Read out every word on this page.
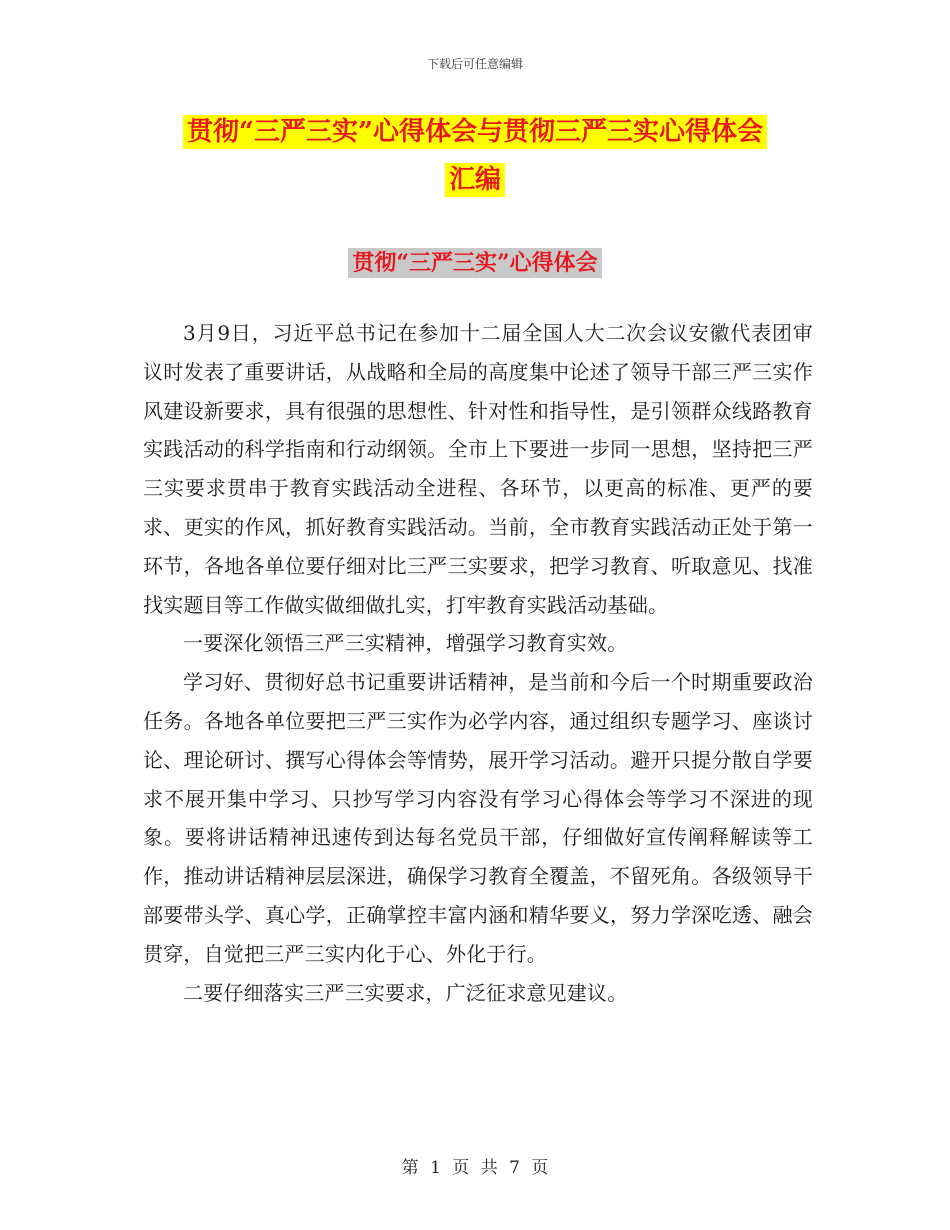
下载后可任意编辑
贯彻“三严三实”心得体会与贯彻三严三实心得体会
汇编
贯彻“三严三实”心得体会

3月9日，习近平总书记在参加十二届全国人大二次会议安徽代表团审议时发表了重要讲话，从战略和全局的高度集中论述了领导干部三严三实作风建设新要求，具有很强的思想性、针对性和指导性，是引领群众线路教育实践活动的科学指南和行动纲领。全市上下要进一步同一思想，坚持把三严三实要求贯串于教育实践活动全进程、各环节，以更高的标准、更严的要求、更实的作风，抓好教育实践活动。当前，全市教育实践活动正处于第一环节，各地各单位要仔细对比三严三实要求，把学习教育、听取意见、找准找实题目等工作做实做细做扎实，打牢教育实践活动基础。

一要深化领悟三严三实精神，增强学习教育实效。

学习好、贯彻好总书记重要讲话精神，是当前和今后一个时期重要政治任务。各地各单位要把三严三实作为必学内容，通过组织专题学习、座谈讨论、理论研讨、撰写心得体会等情势，展开学习活动。避开只提分散自学要求不展开集中学习、只抄写学习内容没有学习心得体会等学习不深进的现象。要将讲话精神迅速传到达每名党员干部，仔细做好宣传阐释解读等工作，推动讲话精神层层深进，确保学习教育全覆盖，不留死角。各级领导干部要带头学、真心学，正确掌控丰富内涵和精华要义，努力学深吃透、融会贯穿，自觉把三严三实内化于心、外化于行。

二要仔细落实三严三实要求，广泛征求意见建议。

第 1 页 共 7 页
